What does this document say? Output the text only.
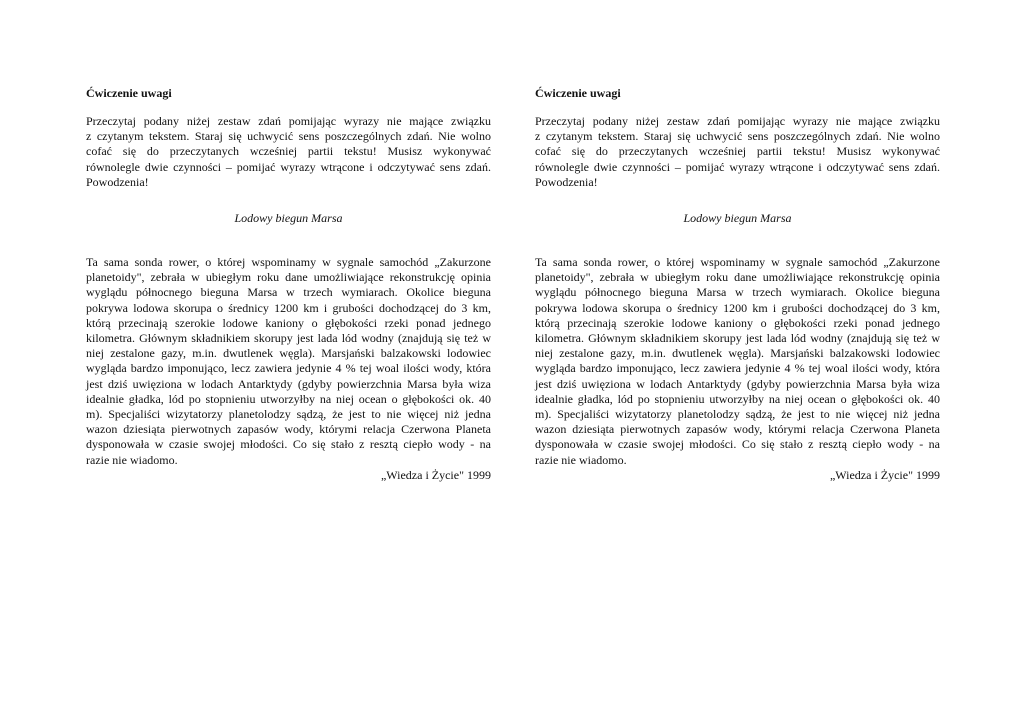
Ćwiczenie uwagi
Przeczytaj podany niżej zestaw zdań pomijając wyrazy nie mające związku
z czytanym tekstem. Staraj się uchwycić sens poszczególnych zdań. Nie wolno
cofać się do przeczytanych wcześniej partii tekstu! Musisz wykonywać
równolegle dwie czynności – pomijać wyrazy wtrącone i odczytywać sens zdań.
Powodzenia!
Lodowy biegun Marsa
Ta sama sonda rower, o której wspominamy w sygnale samochód „Zakurzone
planetoidy", zebrała w ubiegłym roku dane umożliwiające rekonstrukcję opinia
wyglądu północnego bieguna Marsa w trzech wymiarach. Okolice bieguna
pokrywa lodowa skorupa o średnicy 1200 km i grubości dochodzącej do 3 km,
którą przecinają szerokie lodowe kaniony o głębokości rzeki ponad jednego
kilometra. Głównym składnikiem skorupy jest lada lód wodny (znajdują się też w
niej zestalone gazy, m.in. dwutlenek węgla). Marsjański balzakowski lodowiec
wygląda bardzo imponująco, lecz zawiera jedynie 4 % tej woal ilości wody, która
jest dziś uwięziona w lodach Antarktydy (gdyby powierzchnia Marsa była wiza
idealnie gładka, lód po stopnieniu utworzyłby na niej ocean o głębokości ok. 40
m). Specjaliści wizytatorzy planetolodzy sądzą, że jest to nie więcej niż jedna
wazon dziesiąta pierwotnych zapasów wody, którymi relacja Czerwona Planeta
dysponowała w czasie swojej młodości. Co się stało z resztą ciepło wody - na
razie nie wiadomo.
„Wiedza i Życie" 1999
Ćwiczenie uwagi
Przeczytaj podany niżej zestaw zdań pomijając wyrazy nie mające związku
z czytanym tekstem. Staraj się uchwycić sens poszczególnych zdań. Nie wolno
cofać się do przeczytanych wcześniej partii tekstu! Musisz wykonywać
równolegle dwie czynności – pomijać wyrazy wtrącone i odczytywać sens zdań.
Powodzenia!
Lodowy biegun Marsa
Ta sama sonda rower, o której wspominamy w sygnale samochód „Zakurzone
planetoidy", zebrała w ubiegłym roku dane umożliwiające rekonstrukcję opinia
wyglądu północnego bieguna Marsa w trzech wymiarach. Okolice bieguna
pokrywa lodowa skorupa o średnicy 1200 km i grubości dochodzącej do 3 km,
którą przecinają szerokie lodowe kaniony o głębokości rzeki ponad jednego
kilometra. Głównym składnikiem skorupy jest lada lód wodny (znajdują się też w
niej zestalone gazy, m.in. dwutlenek węgla). Marsjański balzakowski lodowiec
wygląda bardzo imponująco, lecz zawiera jedynie 4 % tej woal ilości wody, która
jest dziś uwięziona w lodach Antarktydy (gdyby powierzchnia Marsa była wiza
idealnie gładka, lód po stopnieniu utworzyłby na niej ocean o głębokości ok. 40
m). Specjaliści wizytatorzy planetolodzy sądzą, że jest to nie więcej niż jedna
wazon dziesiąta pierwotnych zapasów wody, którymi relacja Czerwona Planeta
dysponowała w czasie swojej młodości. Co się stało z resztą ciepło wody - na
razie nie wiadomo.
„Wiedza i Życie" 1999
